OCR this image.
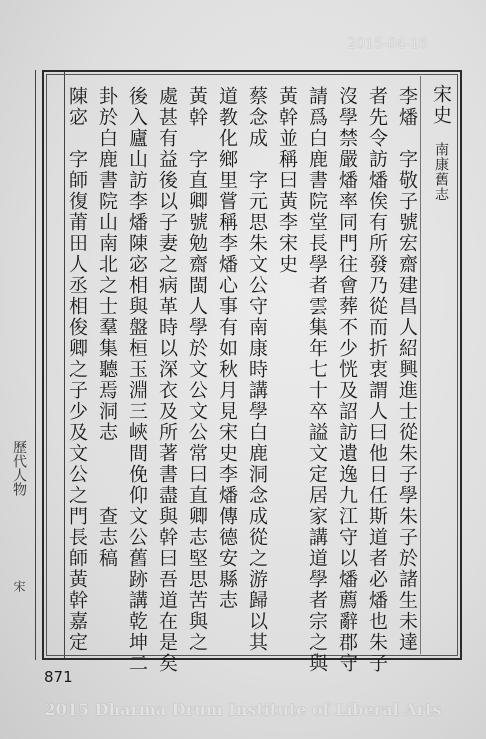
2015-04-16
歷代人物
宋
宋史南康舊志
李燔　字敬子號宏齋建昌人紹興進士從朱子學朱子於諸生未達
者先令訪燔俟有所發乃從而折衷謂人曰他日任斯道者必燔也朱子
沒學禁嚴燔率同門往會葬不少恍及詔訪遺逸九江守以燔薦辭郡守
請爲白鹿書院堂長學者雲集年七十卒謚文定居家講道學者宗之與
黃幹並稱曰黃李宋史
蔡念成　字元思朱文公守南康時講學白鹿洞念成從之游歸以其
道教化鄉里嘗稱李燔心事有如秋月見宋史李燔傳德安縣志
黃幹　字直卿號勉齋閩人學於文公文公常曰直卿志堅思苦與之
處甚有益後以子妻之病革時以深衣及所著書盡與幹曰吾道在是矣
後入廬山訪李燔陳宓相與盤桓玉淵三峽間俛仰文公舊跡講乾坤二
卦於白鹿書院山南北之士羣集聽焉洞志　　　查志稿
陳宓　字師復莆田人丞相俊卿之子少及文公之門長師黃幹嘉定
871
2015 Dharma Drum Institute of Liberal Arts
